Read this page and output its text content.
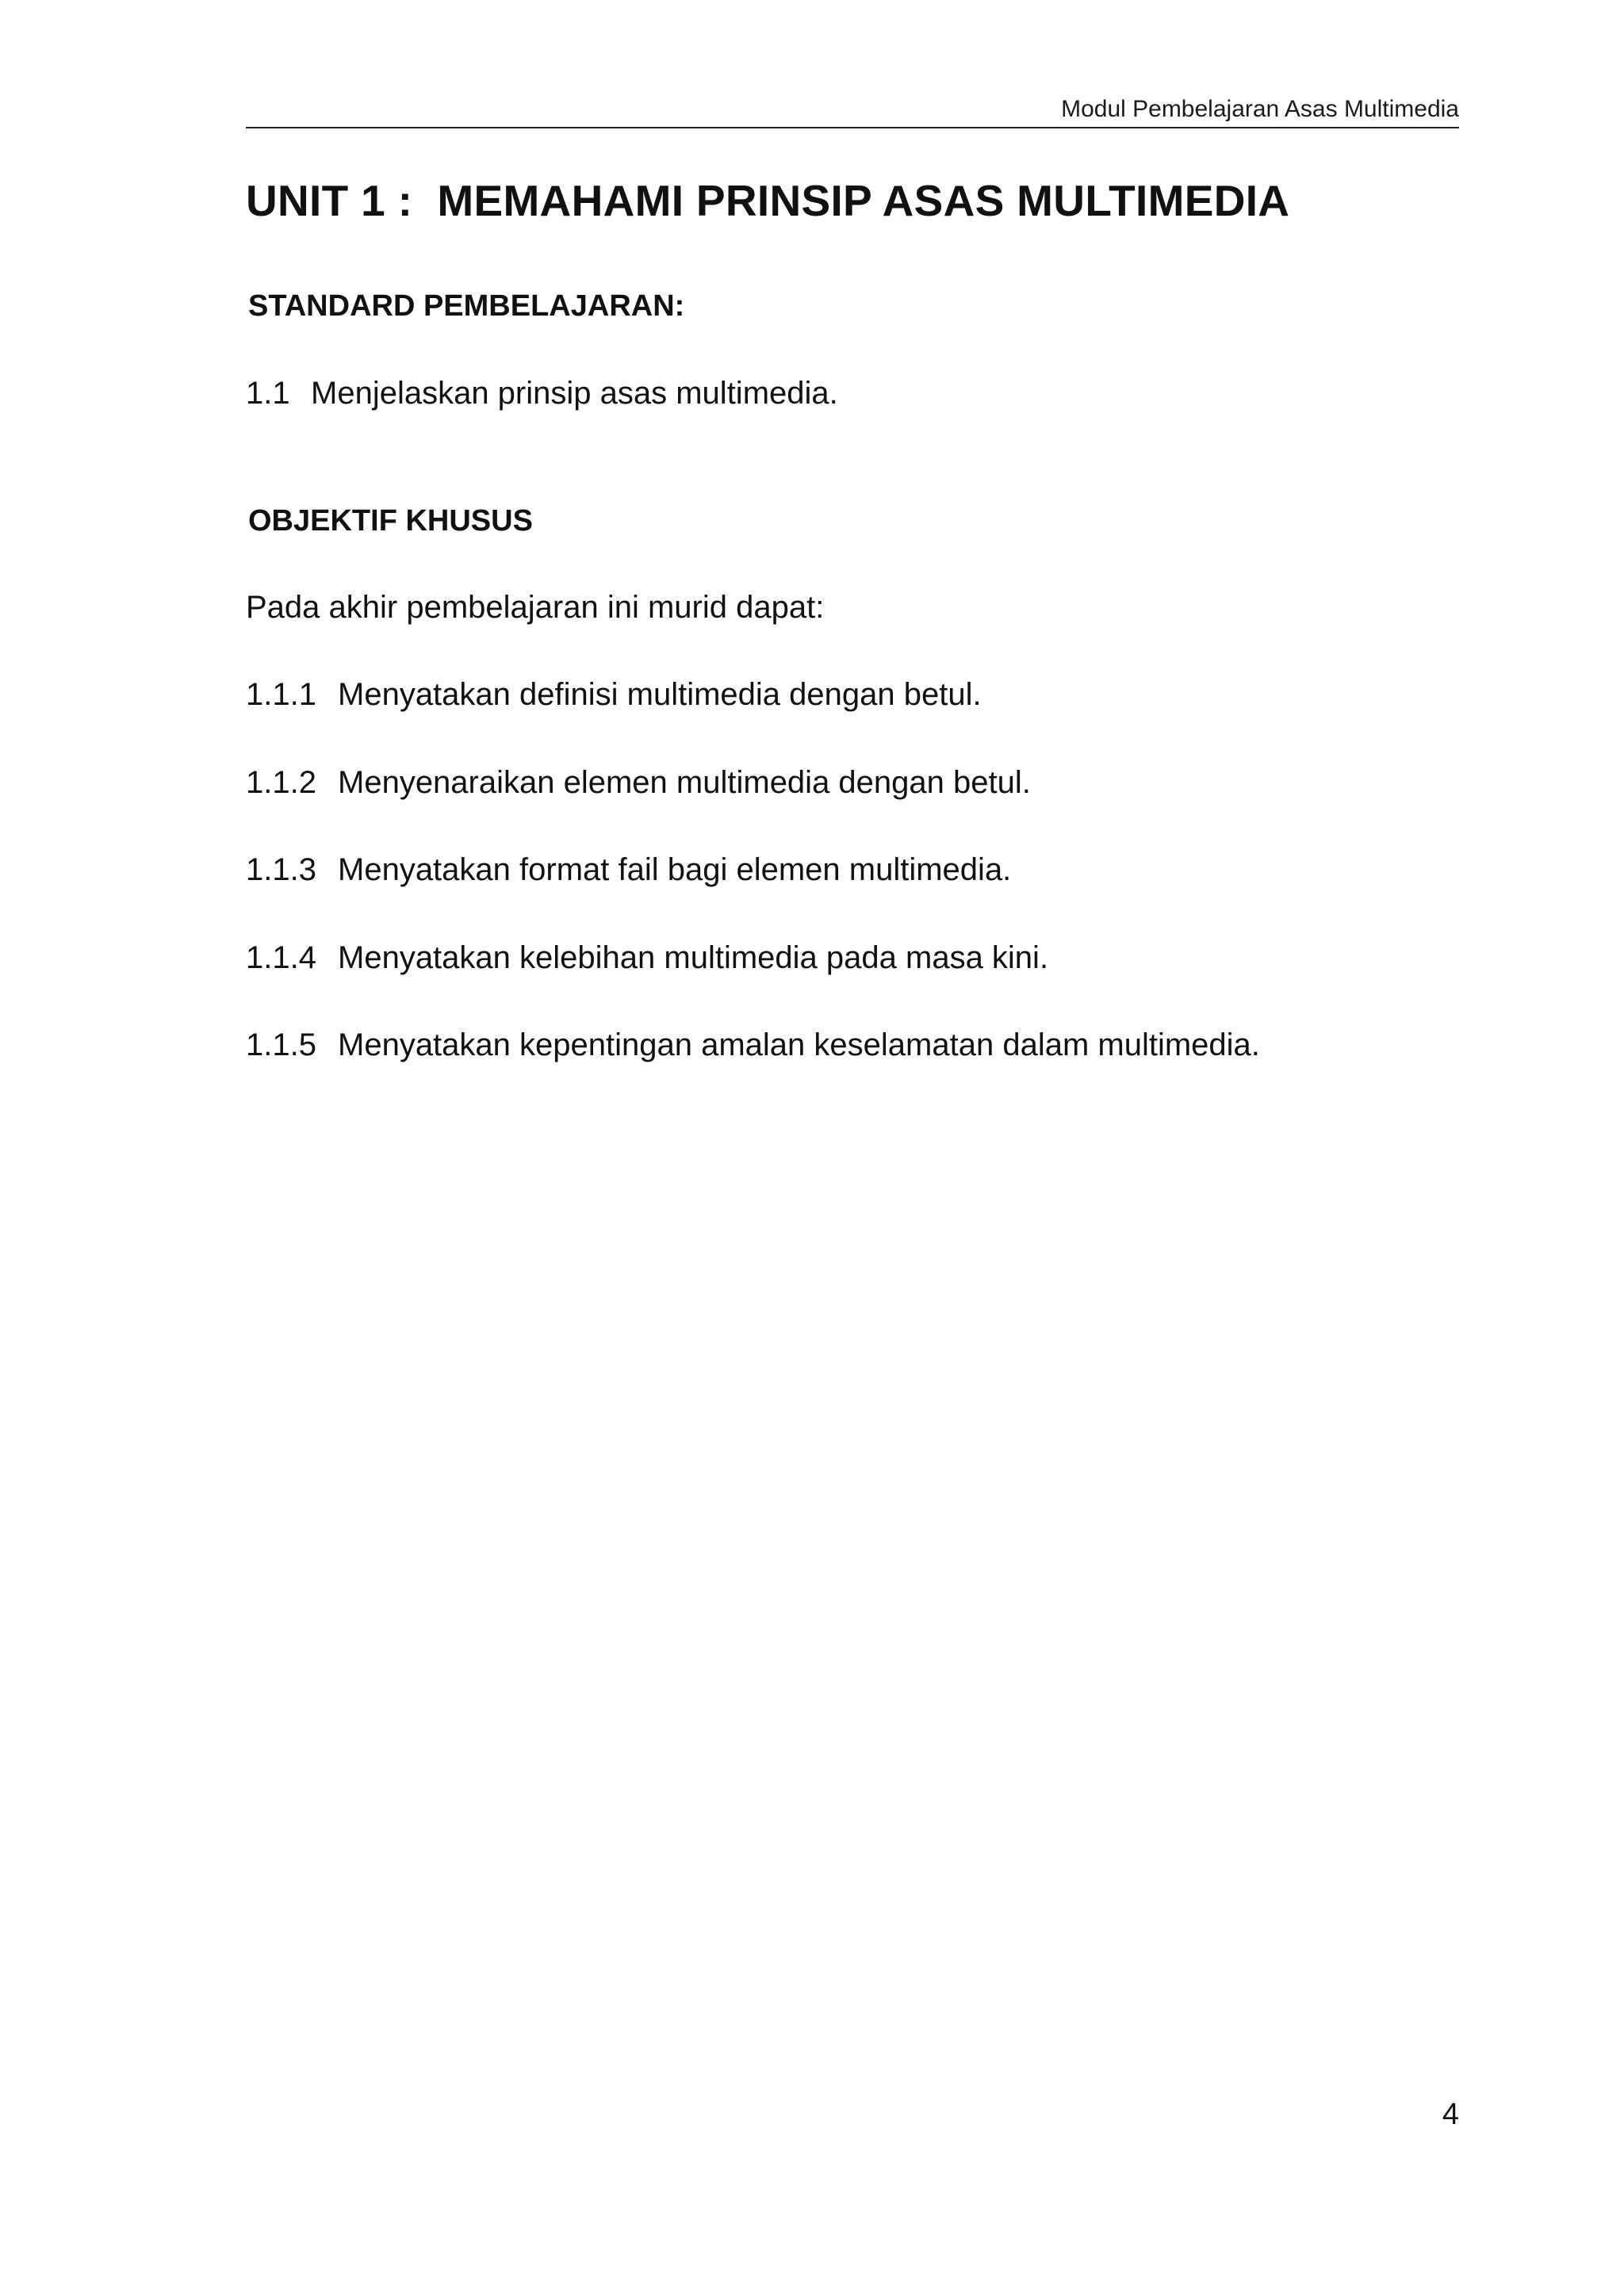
Modul Pembelajaran Asas Multimedia
UNIT 1 :  MEMAHAMI PRINSIP ASAS MULTIMEDIA
STANDARD PEMBELAJARAN:

1.1 Menjelaskan prinsip asas multimedia.

OBJEKTIF KHUSUS

Pada akhir pembelajaran ini murid dapat:

1.1.1 Menyatakan definisi multimedia dengan betul.
1.1.2 Menyenaraikan elemen multimedia dengan betul.
1.1.3 Menyatakan format fail bagi elemen multimedia.
1.1.4 Menyatakan kelebihan multimedia pada masa kini.
1.1.5 Menyatakan kepentingan amalan keselamatan dalam multimedia.
4
